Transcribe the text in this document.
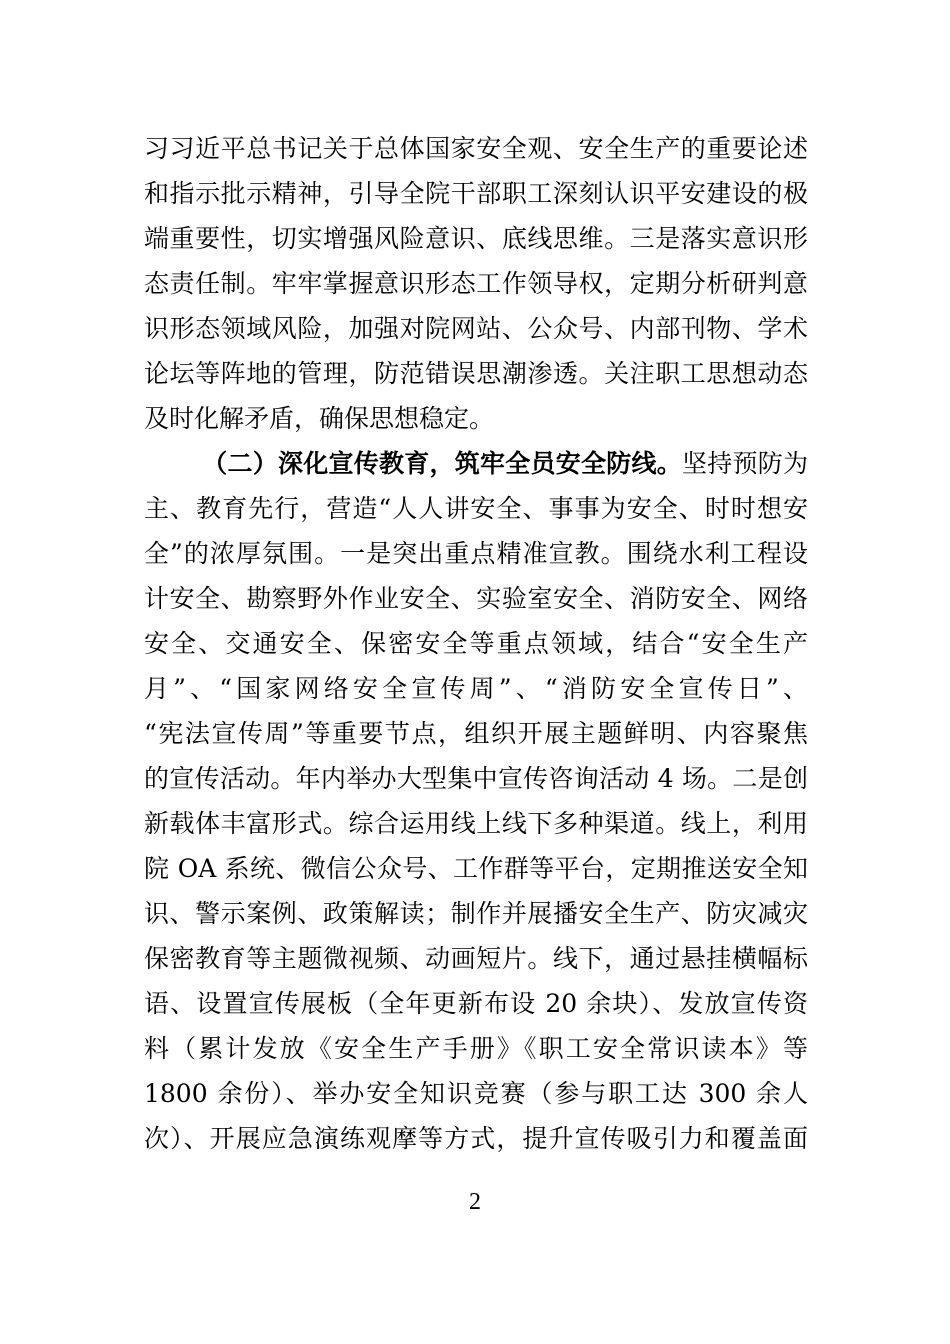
习习近平总书记关于总体国家安全观、安全生产的重要论述
和指示批示精神，引导全院干部职工深刻认识平安建设的极
端重要性，切实增强风险意识、底线思维。三是落实意识形
态责任制。牢牢掌握意识形态工作领导权，定期分析研判意
识形态领域风险，加强对院网站、公众号、内部刊物、学术
论坛等阵地的管理，防范错误思潮渗透。关注职工思想动态
及时化解矛盾，确保思想稳定。
（二）深化宣传教育，筑牢全员安全防线。坚持预防为
主、教育先行，营造“人人讲安全、事事为安全、时时想安
全”的浓厚氛围。一是突出重点精准宣教。围绕水利工程设
计安全、勘察野外作业安全、实验室安全、消防安全、网络
安全、交通安全、保密安全等重点领域，结合“安全生产
月”、“国家网络安全宣传周”、“消防安全宣传日”、
“宪法宣传周”等重要节点，组织开展主题鲜明、内容聚焦
的宣传活动。年内举办大型集中宣传咨询活动 4 场。二是创
新载体丰富形式。综合运用线上线下多种渠道。线上，利用
院 OA 系统、微信公众号、工作群等平台，定期推送安全知
识、警示案例、政策解读；制作并展播安全生产、防灾减灾
保密教育等主题微视频、动画短片。线下，通过悬挂横幅标
语、设置宣传展板（全年更新布设 20 余块）、发放宣传资
料（累计发放《安全生产手册》《职工安全常识读本》等
1800 余份）、举办安全知识竞赛（参与职工达 300 余人
次）、开展应急演练观摩等方式，提升宣传吸引力和覆盖面
2
